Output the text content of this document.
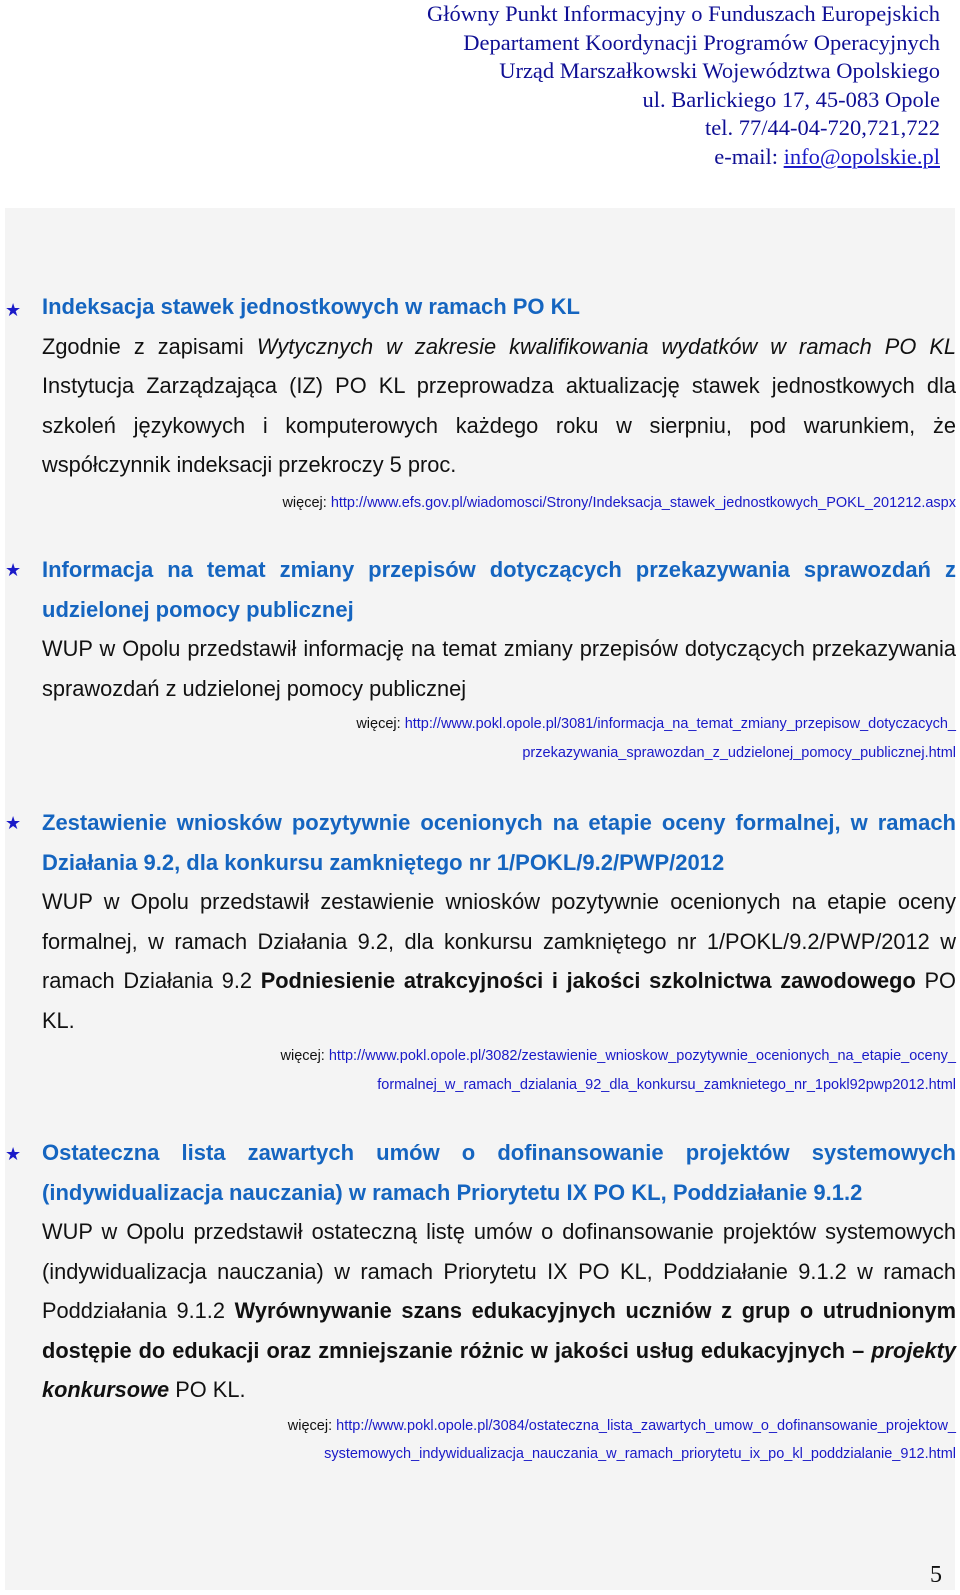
Główny Punkt Informacyjny o Funduszach Europejskich
Departament Koordynacji Programów Operacyjnych
Urząd Marszałkowski Województwa Opolskiego
ul. Barlickiego 17, 45-083 Opole
tel. 77/44-04-720,721,722
e-mail: info@opolskie.pl
★ Indeksacja stawek jednostkowych w ramach PO KL
Zgodnie z zapisami Wytycznych w zakresie kwalifikowania wydatków w ramach PO KL Instytucja Zarządzająca (IZ) PO KL przeprowadza aktualizację stawek jednostkowych dla szkoleń językowych i komputerowych każdego roku w sierpniu, pod warunkiem, że współczynnik indeksacji przekroczy 5 proc.
więcej: http://www.efs.gov.pl/wiadomosci/Strony/Indeksacja_stawek_jednostkowych_POKL_201212.aspx
★ Informacja na temat zmiany przepisów dotyczących przekazywania sprawozdań z udzielonej pomocy publicznej
WUP w Opolu przedstawił informację na temat zmiany przepisów dotyczących przekazywania sprawozdań z udzielonej pomocy publicznej
więcej: http://www.pokl.opole.pl/3081/informacja_na_temat_zmiany_przepisow_dotyczacych_
przekazywania_sprawozdan_z_udzielonej_pomocy_publicznej.html
★ Zestawienie wniosków pozytywnie ocenionych na etapie oceny formalnej, w ramach Działania 9.2, dla konkursu zamkniętego nr 1/POKL/9.2/PWP/2012
WUP w Opolu przedstawił zestawienie wniosków pozytywnie ocenionych na etapie oceny formalnej, w ramach Działania 9.2, dla konkursu zamkniętego nr 1/POKL/9.2/PWP/2012 w ramach Działania 9.2 Podniesienie atrakcyjności i jakości szkolnictwa zawodowego PO KL.
więcej: http://www.pokl.opole.pl/3082/zestawienie_wnioskow_pozytywnie_ocenionych_na_etapie_oceny_
formalnej_w_ramach_dzialania_92_dla_konkursu_zamknietego_nr_1pokl92pwp2012.html
★ Ostateczna lista zawartych umów o dofinansowanie projektów systemowych (indywidualizacja nauczania) w ramach Priorytetu IX PO KL, Poddziałanie 9.1.2
WUP w Opolu przedstawił ostateczną listę umów o dofinansowanie projektów systemowych (indywidualizacja nauczania) w ramach Priorytetu IX PO KL, Poddziałanie 9.1.2 w ramach Poddziałania 9.1.2 Wyrównywanie szans edukacyjnych uczniów z grup o utrudnionym dostępie do edukacji oraz zmniejszanie różnic w jakości usług edukacyjnych – projekty konkursowe PO KL.
więcej: http://www.pokl.opole.pl/3084/ostateczna_lista_zawartych_umow_o_dofinansowanie_projektow_
systemowych_indywidualizacja_nauczania_w_ramach_priorytetu_ix_po_kl_poddzialanie_912.html
5
